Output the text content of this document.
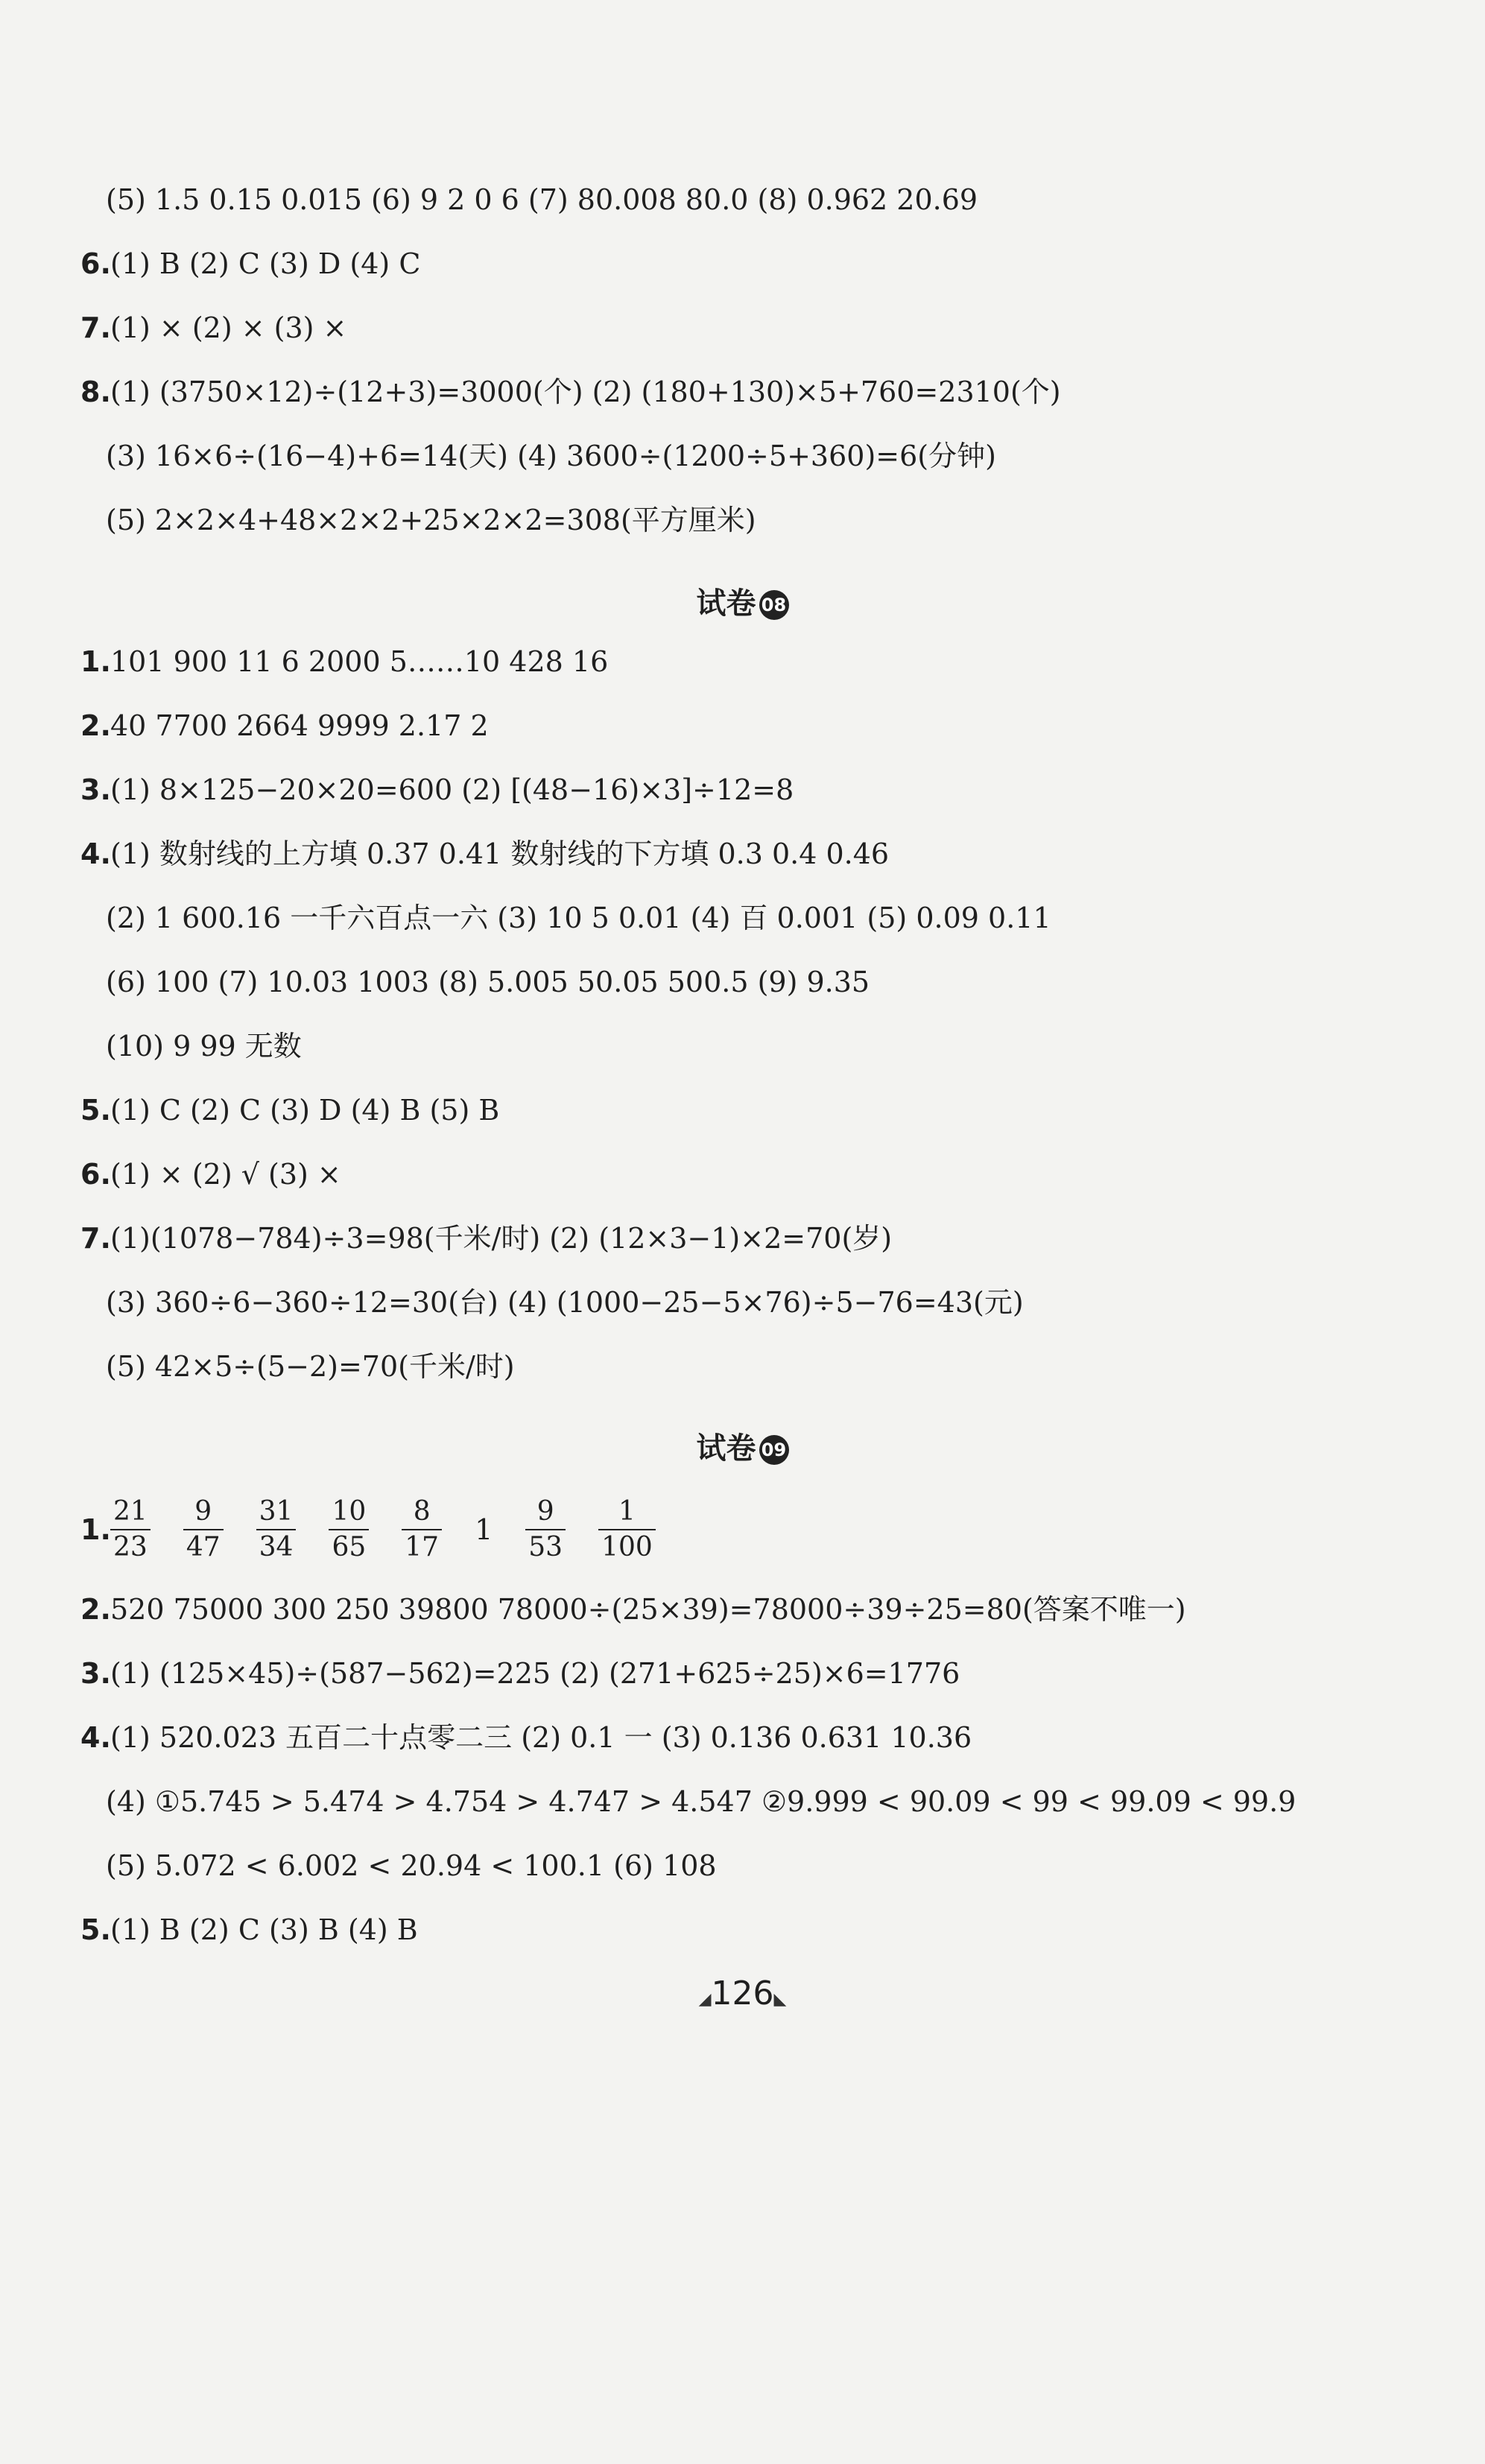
(5) 1.5 0.15 0.015 (6) 9 2 0 6 (7) 80.008 80.0 (8) 0.962 20.69
6.(1) B (2) C (3) D (4) C
7.(1) × (2) × (3) ×
8.(1) (3750×12)÷(12+3)=3000(个) (2) (180+130)×5+760=2310(个)
(3) 16×6÷(16−4)+6=14(天) (4) 3600÷(1200÷5+360)=6(分钟)
(5) 2×2×4+48×2×2+25×2×2=308(平方厘米)
试卷 08
1.101 900 11 6 2000 5……10 428 16
2.40 7700 2664 9999 2.17 2
3.(1) 8×125−20×20=600 (2) [(48−16)×3]÷12=8
4.(1) 数射线的上方填 0.37 0.41 数射线的下方填 0.3 0.4 0.46
(2) 1 600.16 一千六百点一六 (3) 10 5 0.01 (4) 百 0.001 (5) 0.09 0.11
(6) 100 (7) 10.03 1003 (8) 5.005 50.05 500.5 (9) 9.35
(10) 9 99 无数
5.(1) C (2) C (3) D (4) B (5) B
6.(1) × (2) √ (3) ×
7.(1)(1078−784)÷3=98(千米/时) (2) (12×3−1)×2=70(岁)
(3) 360÷6−360÷12=30(台) (4) (1000−25−5×76)÷5−76=43(元)
(5) 42×5÷(5−2)=70(千米/时)
试卷 09
1. $\frac{21}{23} \frac{9}{47} \frac{31}{34} \frac{10}{65} \frac{8}{17} 1 \frac{9}{53} \frac{1}{100}$
2.520 75000 300 250 39800 78000÷(25×39)=78000÷39÷25=80(答案不唯一)
3.(1) (125×45)÷(587−562)=225 (2) (271+625÷25)×6=1776
4.(1) 520.023 五百二十点零二三 (2) 0.1 一 (3) 0.136 0.631 10.36
(4) ①5.745 > 5.474 > 4.754 > 4.747 > 4.547 ②9.999 < 90.09 < 99 < 99.09 < 99.9
(5) 5.072 < 6.002 < 20.94 < 100.1 (6) 108
5.(1) B (2) C (3) B (4) B
◢126◣
